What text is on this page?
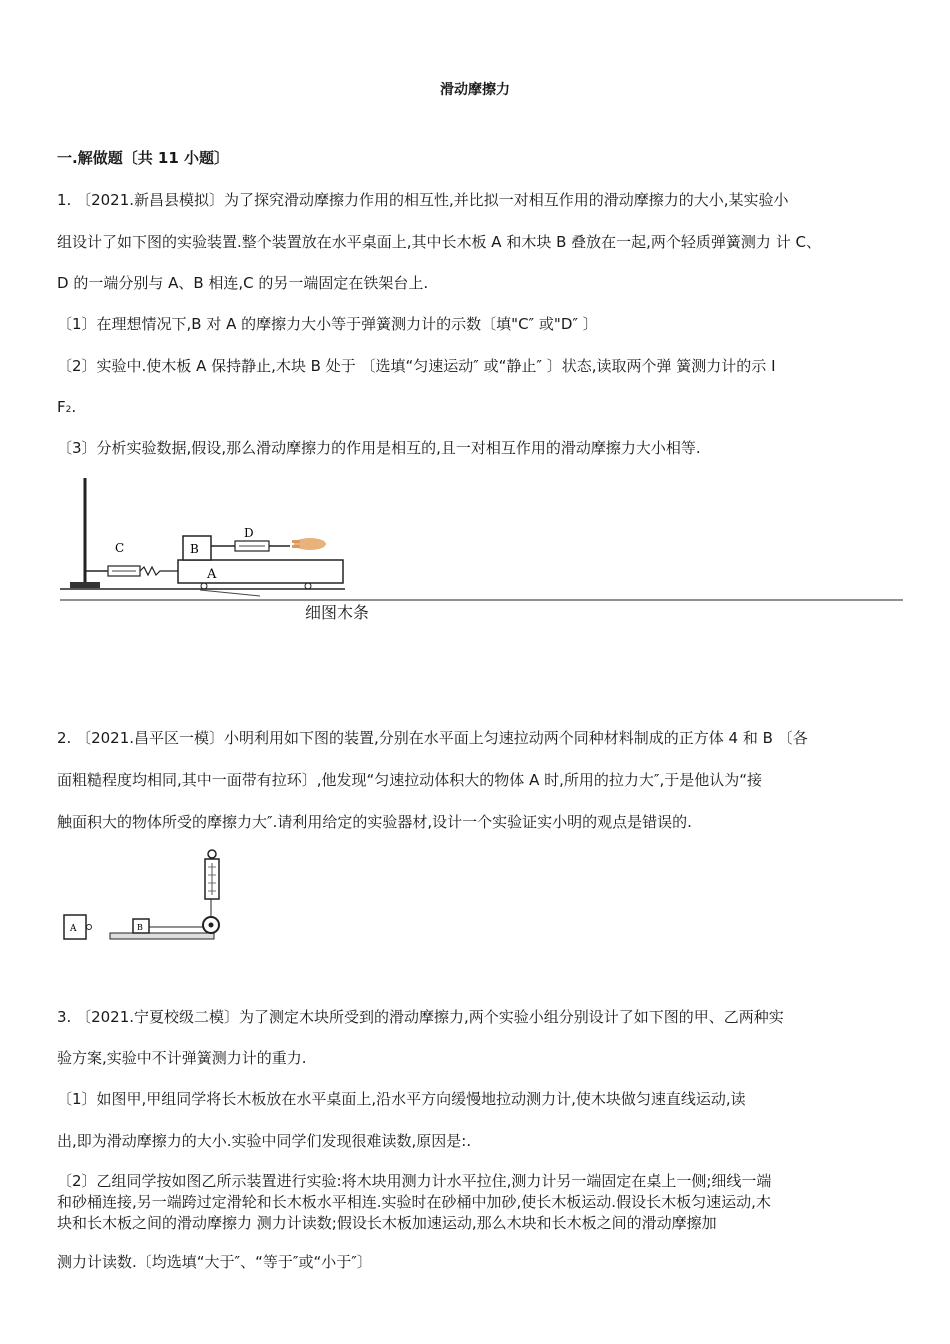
滑动摩擦力
一.解做题〔共 11 小题〕
1. 〔2021.新昌县模拟〕为了探究滑动摩擦力作用的相互性,并比拟一对相互作用的滑动摩擦力的大小,某实验小
组设计了如下图的实验装置.整个装置放在水平桌面上,其中长木板 A 和木块 B 叠放在一起,两个轻质弹簧测力 计 C、
D 的一端分别与 A、B 相连,C 的另一端固定在铁架台上.
〔1〕在理想情况下,B 对 A 的摩擦力大小等于弹簧测力计的示数〔填"C″ 或"D″ 〕
〔2〕实验中.使木板 A 保持静止,木块 B 处于 〔选填“匀速运动″ 或“静止″ 〕状态,读取两个弹 簧测力计的示 I
F2.
〔3〕分析实验数据,假设,那么滑动摩擦力的作用是相互的,且一对相互作用的滑动摩擦力大小相等.
C
A
B
D
细图木条
2. 〔2021.昌平区一模〕小明利用如下图的装置,分别在水平面上匀速拉动两个同种材料制成的正方体 4 和 B 〔各
面粗糙程度均相同,其中一面带有拉环〕,他发现“匀速拉动体积大的物体 A 时,所用的拉力大″,于是他认为“接
触面积大的物体所受的摩擦力大″.请利用给定的实验器材,设计一个实验证实小明的观点是错误的.
A	B
3. 〔2021.宁夏校级二模〕为了测定木块所受到的滑动摩擦力,两个实验小组分别设计了如下图的甲、乙两种实
验方案,实验中不计弹簧测力计的重力.
〔1〕如图甲,甲组同学将长木板放在水平桌面上,沿水平方向缓慢地拉动测力计,使木块做匀速直线运动,读
出,即为滑动摩擦力的大小.实验中同学们发现很难读数,原因是:.
〔2〕乙组同学按如图乙所示装置进行实验:将木块用测力计水平拉住,测力计另一端固定在桌上一侧;细线一端
和砂桶连接,另一端跨过定滑轮和长木板水平相连.实验时在砂桶中加砂,使长木板运动.假设长木板匀速运动,木
块和长木板之间的滑动摩擦力 测力计读数;假设长木板加速运动,那么木块和长木板之间的滑动摩擦加
测力计读数.〔均选填“大于″、“等于″或“小于″〕
